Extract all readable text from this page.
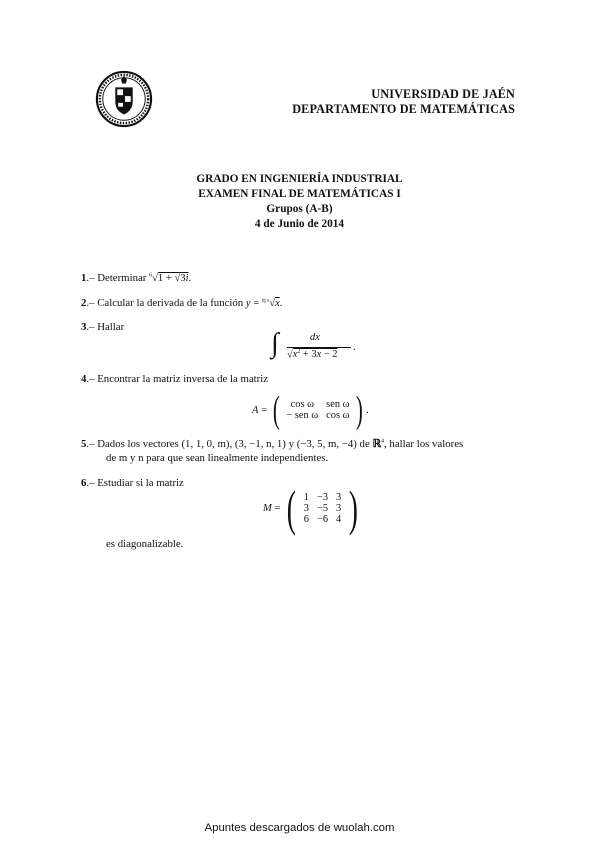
UNIVERSIDAD DE JAÉN
DEPARTAMENTO DE MATEMÁTICAS
GRADO EN INGENIERÍA INDUSTRIAL
EXAMEN FINAL DE MATEMÁTICAS I
Grupos (A-B)
4 de Junio de 2014
1.– Determinar $^6$√1 + √3i.
2.– Calcular la derivada de la función y = $^{tg x}$√x.
3.– Hallar
∫	dx
$√x^2 + 3x - 2$
.
4.– Encontrar la matriz inversa de la matriz
A = ( cos ω	sen ω
− sen ω	cos ω ) .
5.– Dados los vectores (1, 1, 0, m), (3, −1, n, 1) y (−3, 5, m, −4) de ℝ$^4$, hallar los valores
de m y n para que sean linealmente independientes.
6.– Estudiar si la matriz
M = ( 1	−3	3
3	−5	3
6	−6	4 )
es diagonalizable.
Apuntes descargados de wuolah.com
